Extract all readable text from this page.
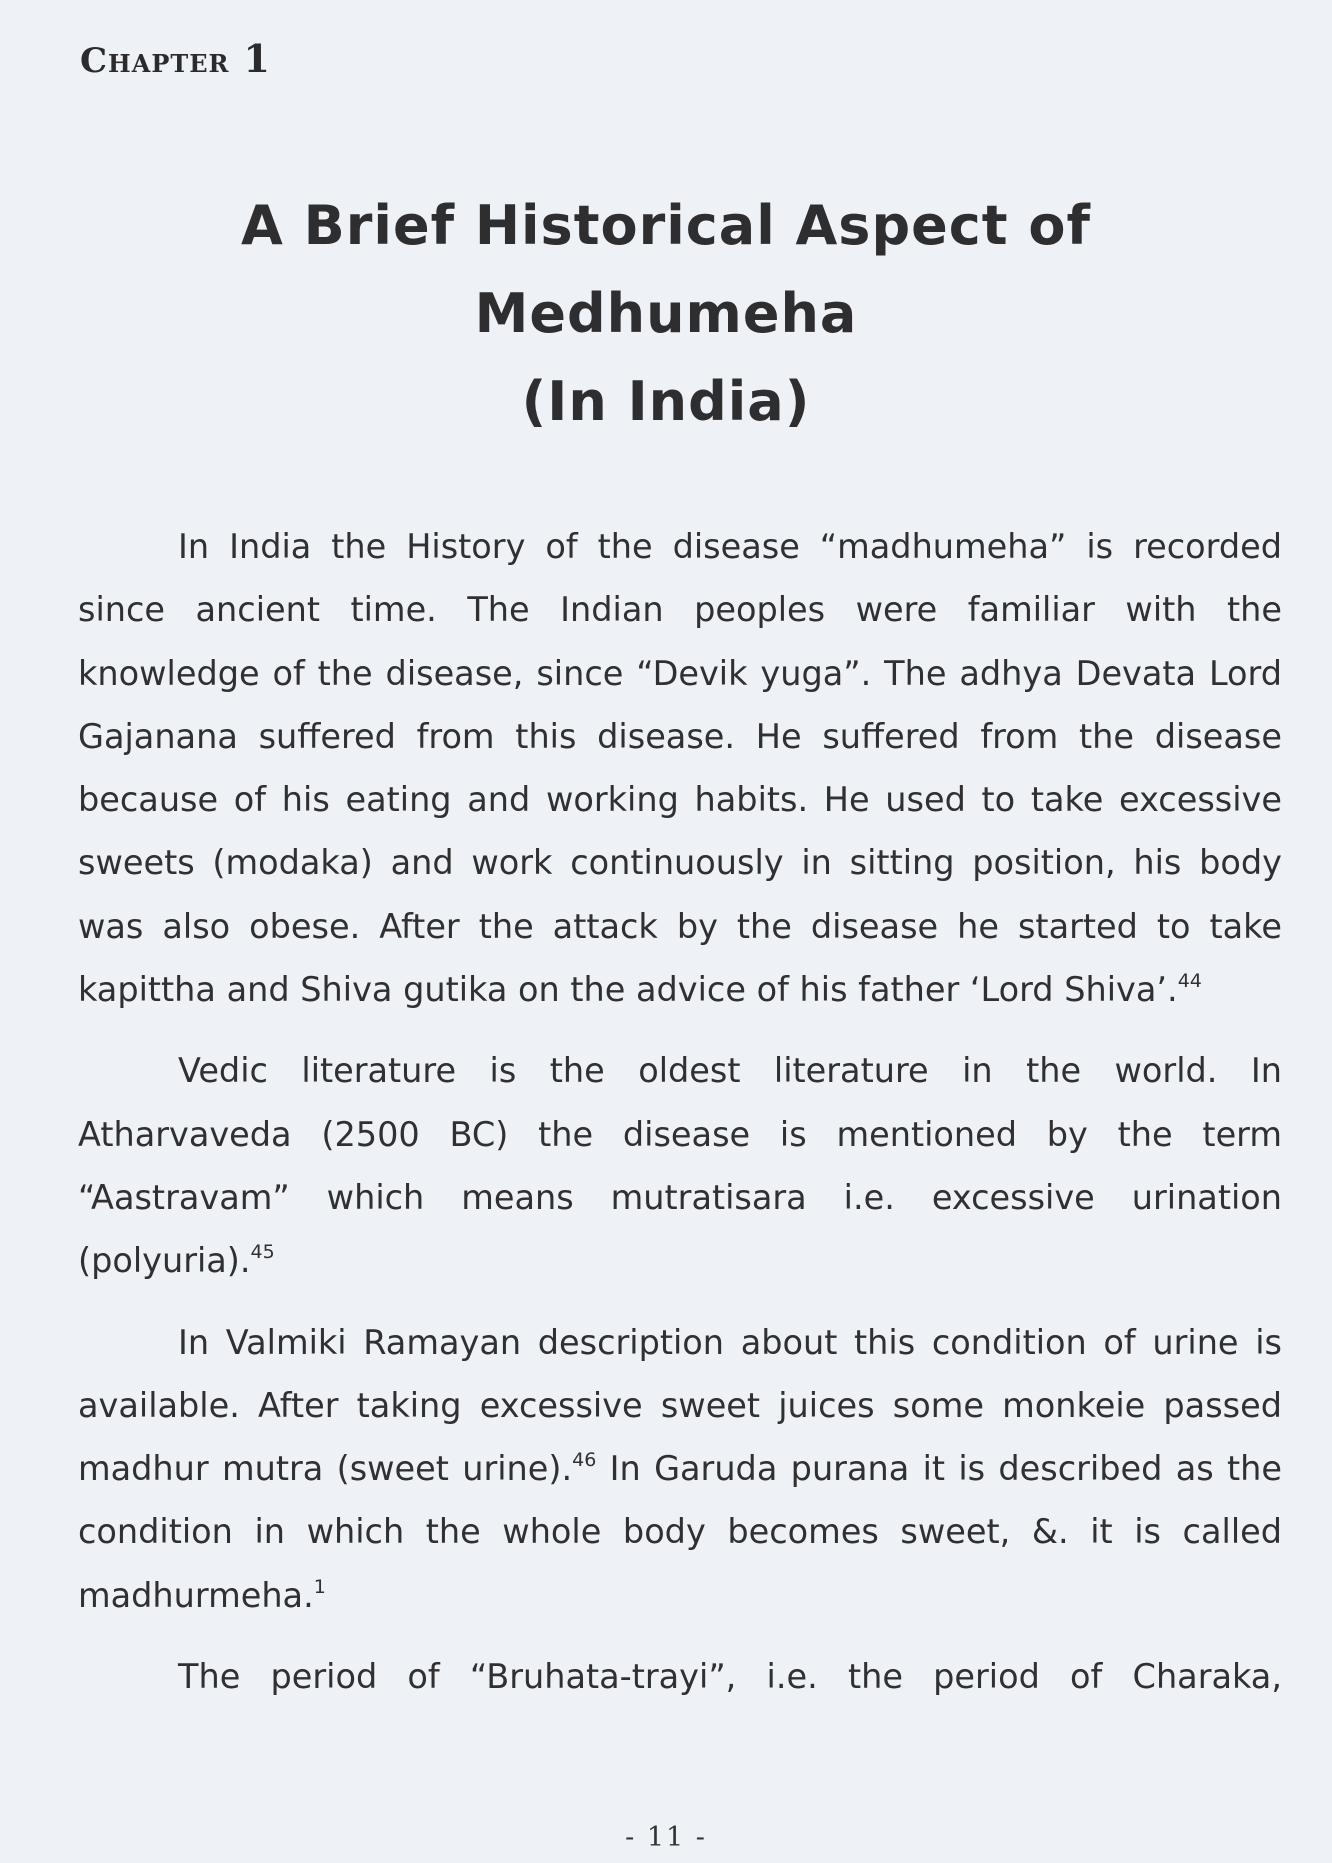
Chapter 1
A Brief Historical Aspect of Medhumeha
(In India)

In India the History of the disease “madhumeha” is recorded since ancient time. The Indian peoples were familiar with the knowledge of the disease, since “Devik yuga”. The adhya Devata Lord Gajanana suffered from this disease. He suffered from the disease because of his eating and working habits. He used to take excessive sweets (modaka) and work continuously in sitting position, his body was also obese. After the attack by the disease he started to take kapittha and Shiva gutika on the advice of his father ‘Lord Shiva’.$^{44}$

Vedic literature is the oldest literature in the world. In Atharvaveda (2500 BC) the disease is mentioned by the term “Aastravam” which means mutratisara i.e. excessive urination (polyuria).$^{45}$

In Valmiki Ramayan description about this condition of urine is available. After taking excessive sweet juices some monkeie passed madhur mutra (sweet urine).$^{46}$ In Garuda purana it is described as the condition in which the whole body becomes sweet, &. it is called madhurmeha.$^1$

The period of “Bruhata-trayi”, i.e. the period of Charaka,

- 11 -
